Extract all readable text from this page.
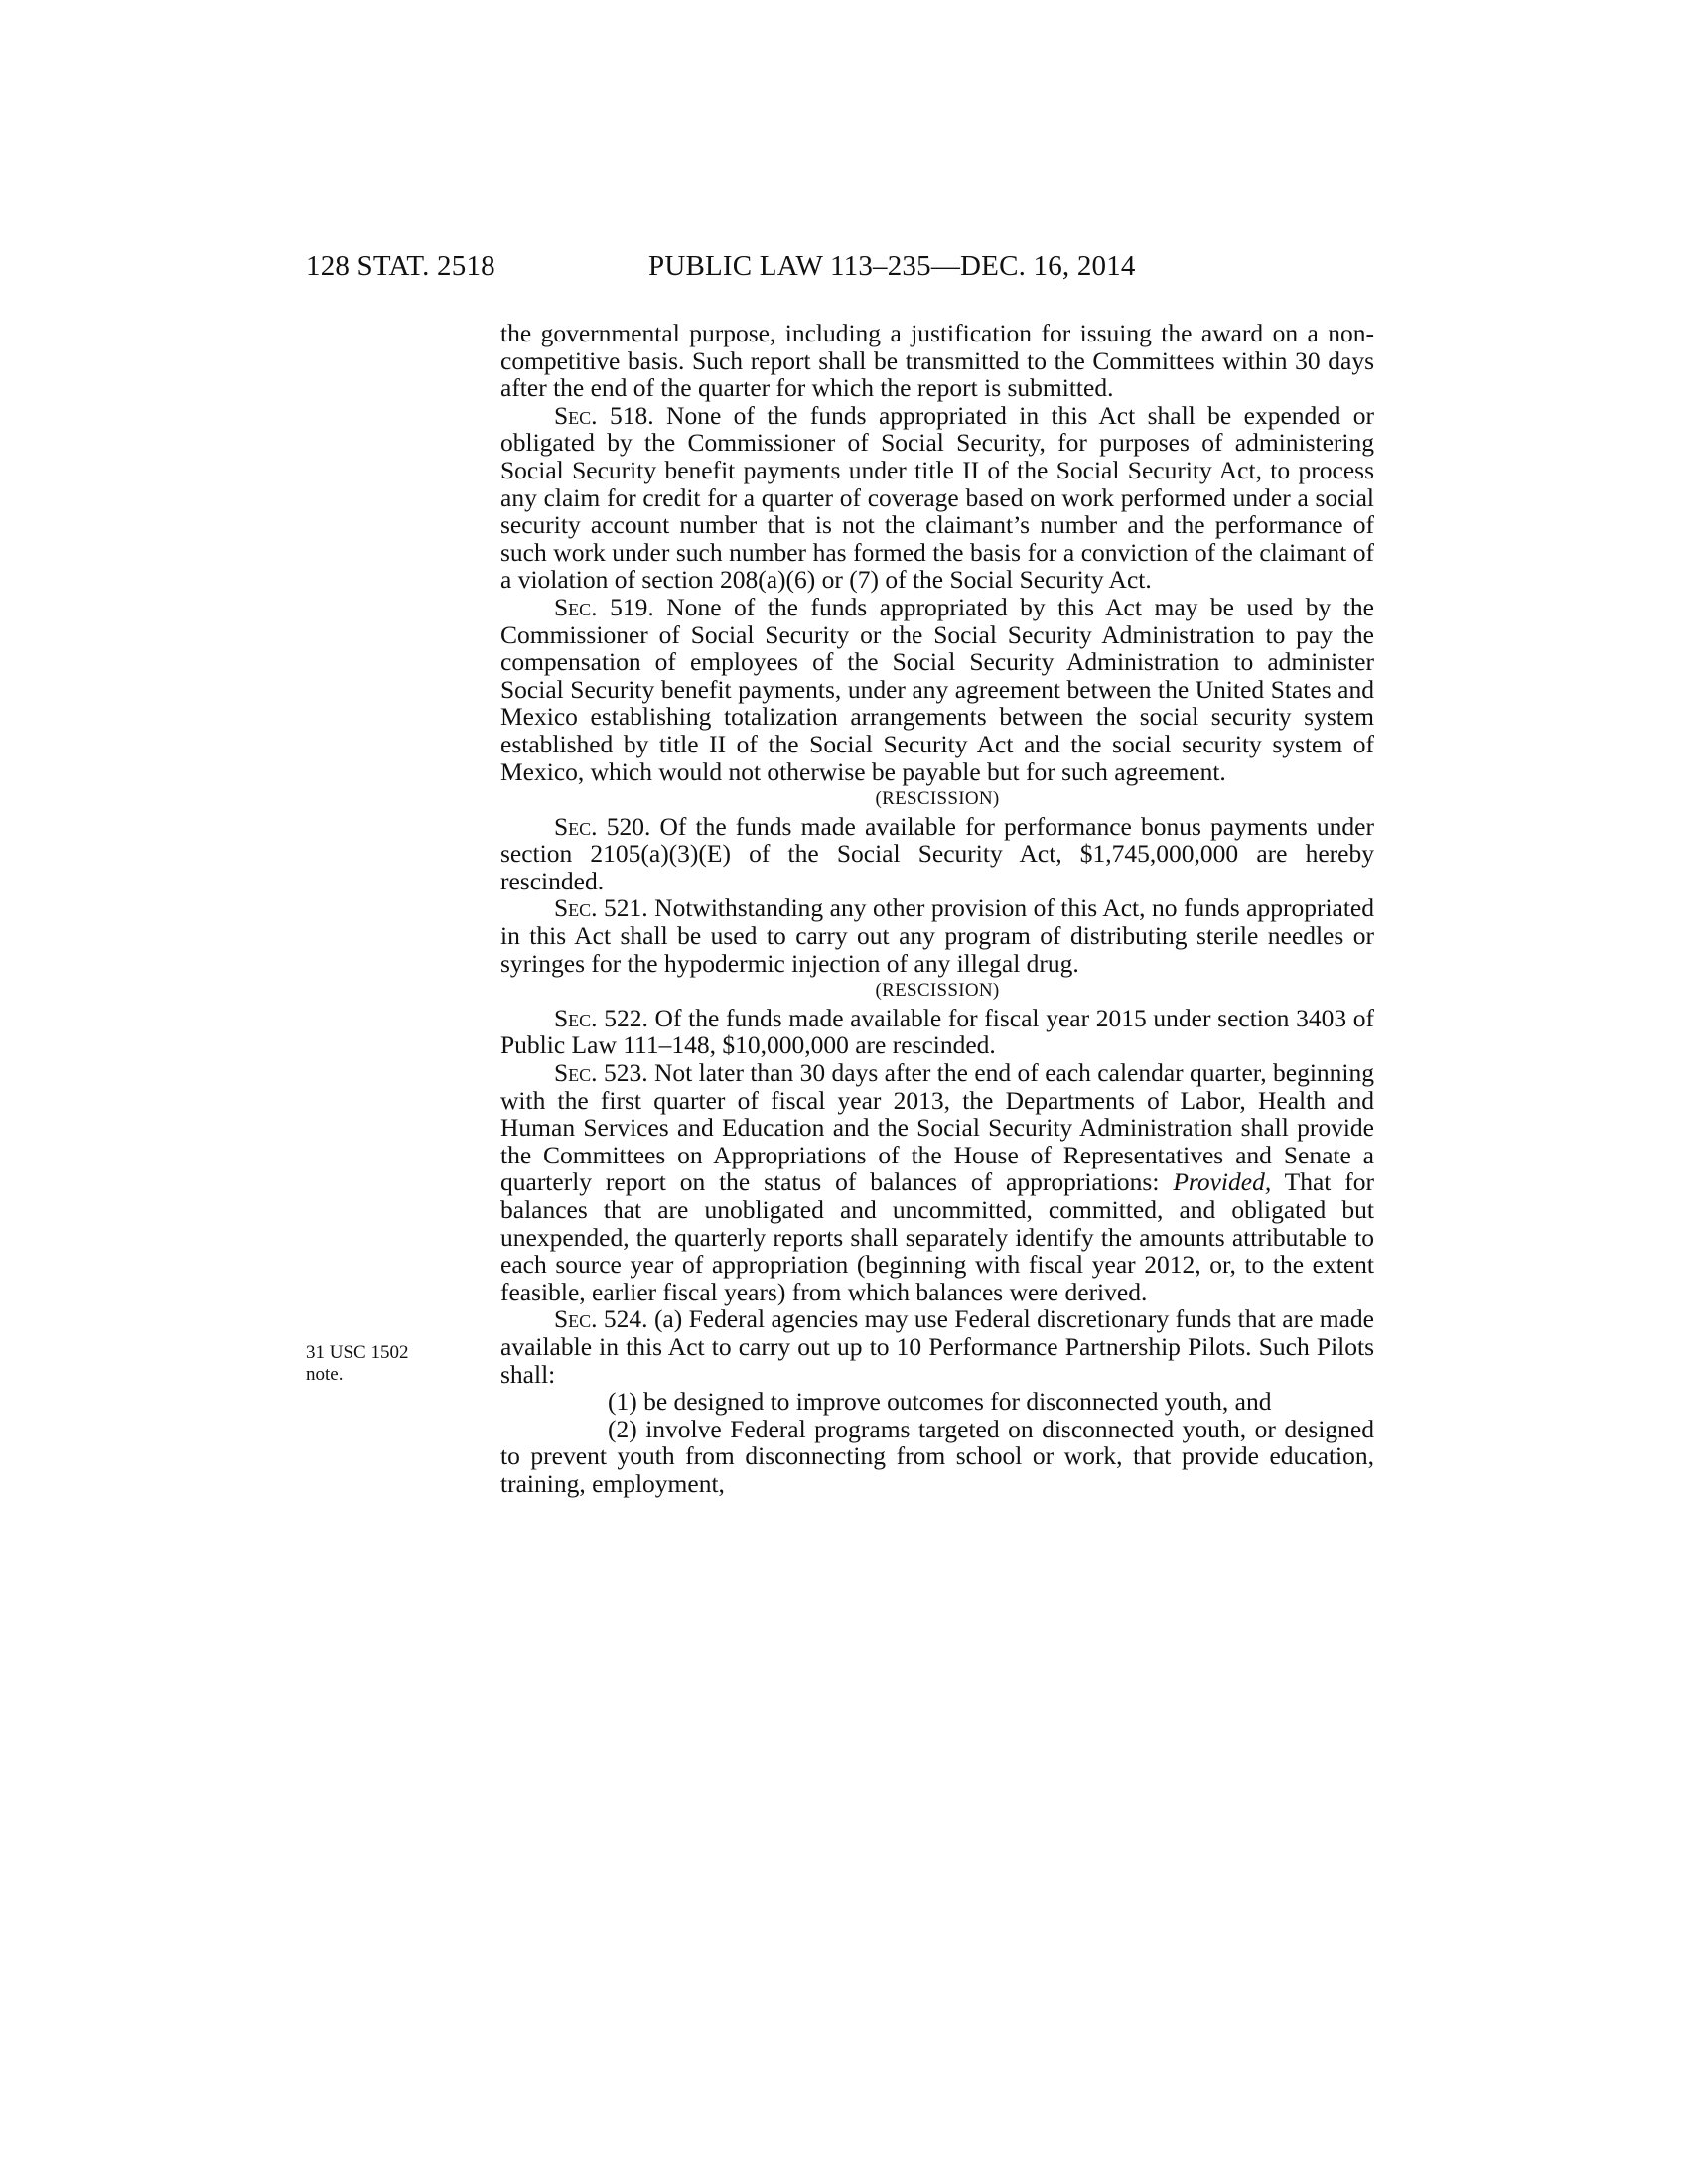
128 STAT. 2518	PUBLIC LAW 113–235—DEC. 16, 2014
31 USC 1502
note.

the governmental purpose, including a justification for issuing the award on a non-competitive basis. Such report shall be transmitted to the Committees within 30 days after the end of the quarter for which the report is submitted.

Sec. 518. None of the funds appropriated in this Act shall be expended or obligated by the Commissioner of Social Security, for purposes of administering Social Security benefit payments under title II of the Social Security Act, to process any claim for credit for a quarter of coverage based on work performed under a social security account number that is not the claimant’s number and the performance of such work under such number has formed the basis for a conviction of the claimant of a violation of section 208(a)(6) or (7) of the Social Security Act.

Sec. 519. None of the funds appropriated by this Act may be used by the Commissioner of Social Security or the Social Security Administration to pay the compensation of employees of the Social Security Administration to administer Social Security benefit payments, under any agreement between the United States and Mexico establishing totalization arrangements between the social security system established by title II of the Social Security Act and the social security system of Mexico, which would not otherwise be payable but for such agreement.

(RESCISSION)

Sec. 520. Of the funds made available for performance bonus payments under section 2105(a)(3)(E) of the Social Security Act, $1,745,000,000 are hereby rescinded.

Sec. 521. Notwithstanding any other provision of this Act, no funds appropriated in this Act shall be used to carry out any program of distributing sterile needles or syringes for the hypodermic injection of any illegal drug.

(RESCISSION)

Sec. 522. Of the funds made available for fiscal year 2015 under section 3403 of Public Law 111–148, $10,000,000 are rescinded.

Sec. 523. Not later than 30 days after the end of each calendar quarter, beginning with the first quarter of fiscal year 2013, the Departments of Labor, Health and Human Services and Education and the Social Security Administration shall provide the Committees on Appropriations of the House of Representatives and Senate a quarterly report on the status of balances of appropriations: Provided, That for balances that are unobligated and uncommitted, committed, and obligated but unexpended, the quarterly reports shall separately identify the amounts attributable to each source year of appropriation (beginning with fiscal year 2012, or, to the extent feasible, earlier fiscal years) from which balances were derived.

Sec. 524. (a) Federal agencies may use Federal discretionary funds that are made available in this Act to carry out up to 10 Performance Partnership Pilots. Such Pilots shall:

(1) be designed to improve outcomes for disconnected youth, and

(2) involve Federal programs targeted on disconnected youth, or designed to prevent youth from disconnecting from school or work, that provide education, training, employment,
